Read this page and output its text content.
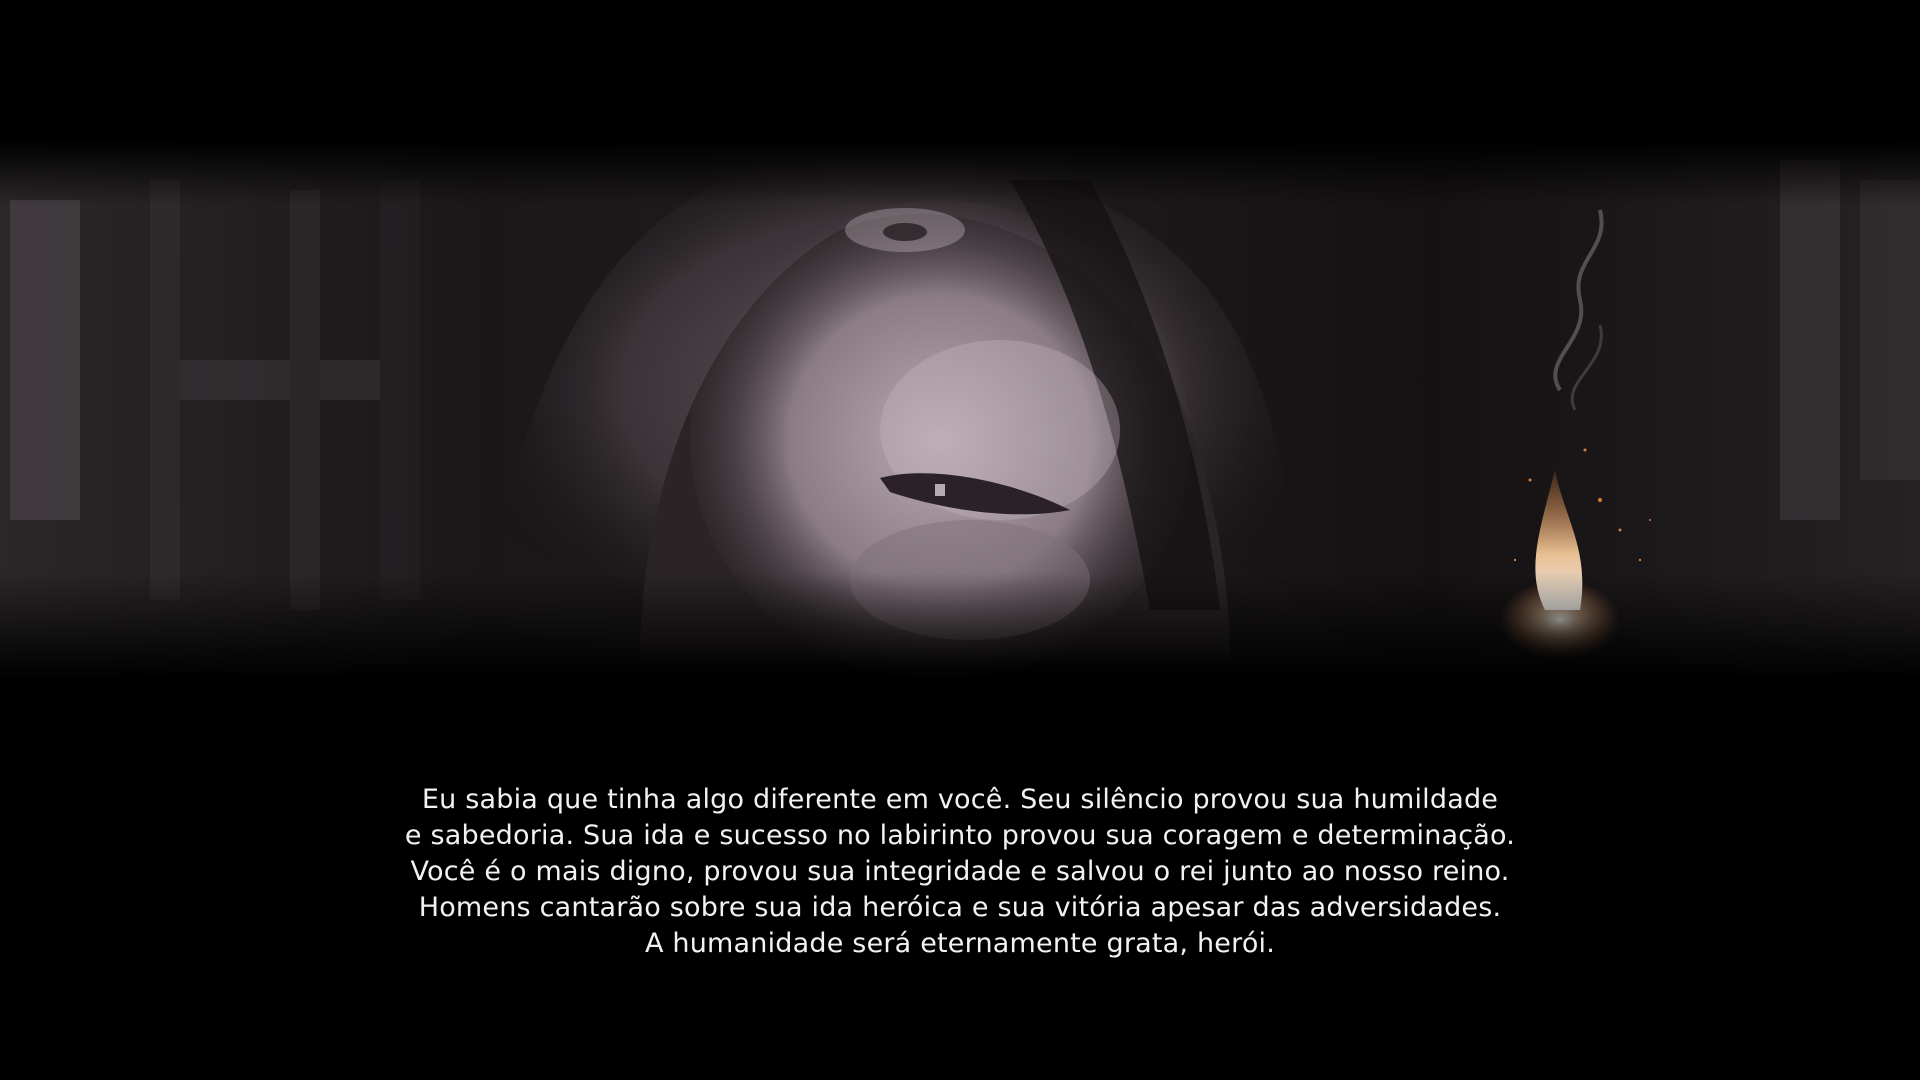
Eu sabia que tinha algo diferente em você. Seu silêncio provou sua humildade
e sabedoria. Sua ida e sucesso no labirinto provou sua coragem e determinação.
Você é o mais digno, provou sua integridade e salvou o rei junto ao nosso reino.
Homens cantarão sobre sua ida heróica e sua vitória apesar das adversidades.
A humanidade será eternamente grata, herói.
